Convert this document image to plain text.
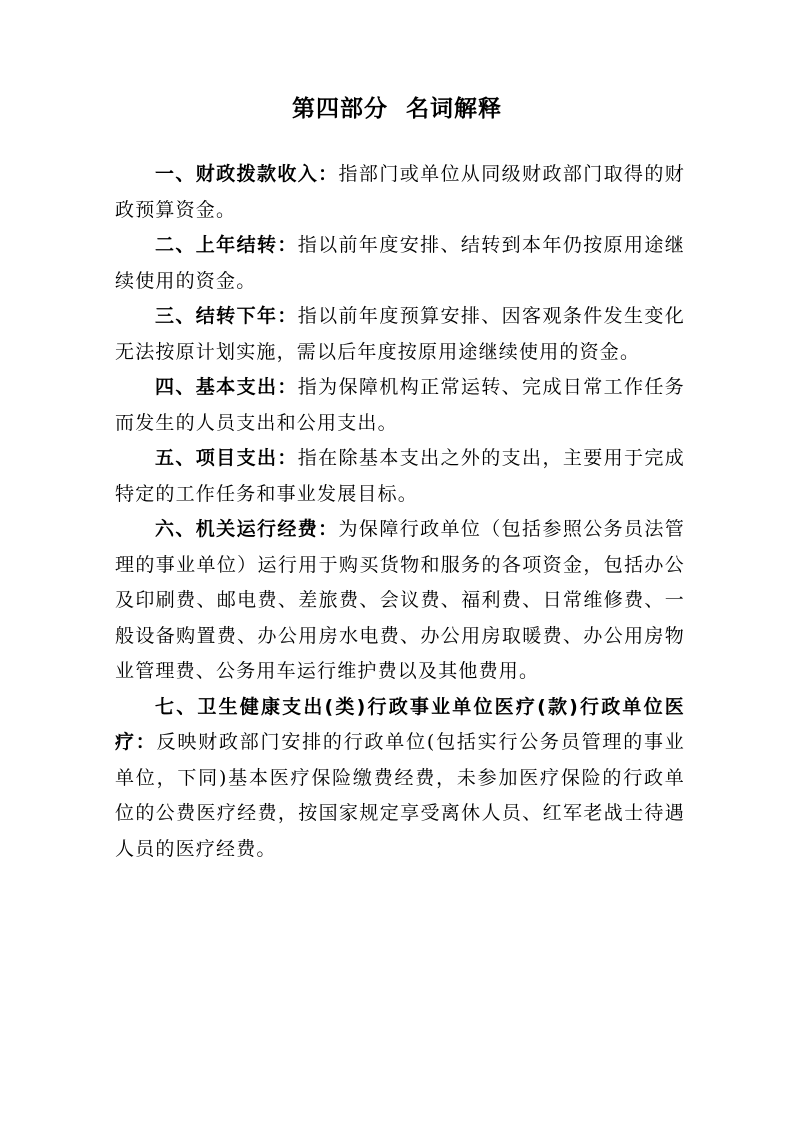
第四部分  名词解释

一、财政拨款收入：指部门或单位从同级财政部门取得的财政预算资金。

二、上年结转：指以前年度安排、结转到本年仍按原用途继续使用的资金。

三、结转下年：指以前年度预算安排、因客观条件发生变化无法按原计划实施，需以后年度按原用途继续使用的资金。

四、基本支出：指为保障机构正常运转、完成日常工作任务而发生的人员支出和公用支出。

五、项目支出：指在除基本支出之外的支出，主要用于完成特定的工作任务和事业发展目标。

六、机关运行经费：为保障行政单位（包括参照公务员法管理的事业单位）运行用于购买货物和服务的各项资金，包括办公及印刷费、邮电费、差旅费、会议费、福利费、日常维修费、一般设备购置费、办公用房水电费、办公用房取暖费、办公用房物业管理费、公务用车运行维护费以及其他费用。

七、卫生健康支出(类)行政事业单位医疗(款)行政单位医疗：反映财政部门安排的行政单位(包括实行公务员管理的事业单位，下同)基本医疗保险缴费经费，未参加医疗保险的行政单位的公费医疗经费，按国家规定享受离休人员、红军老战士待遇人员的医疗经费。
